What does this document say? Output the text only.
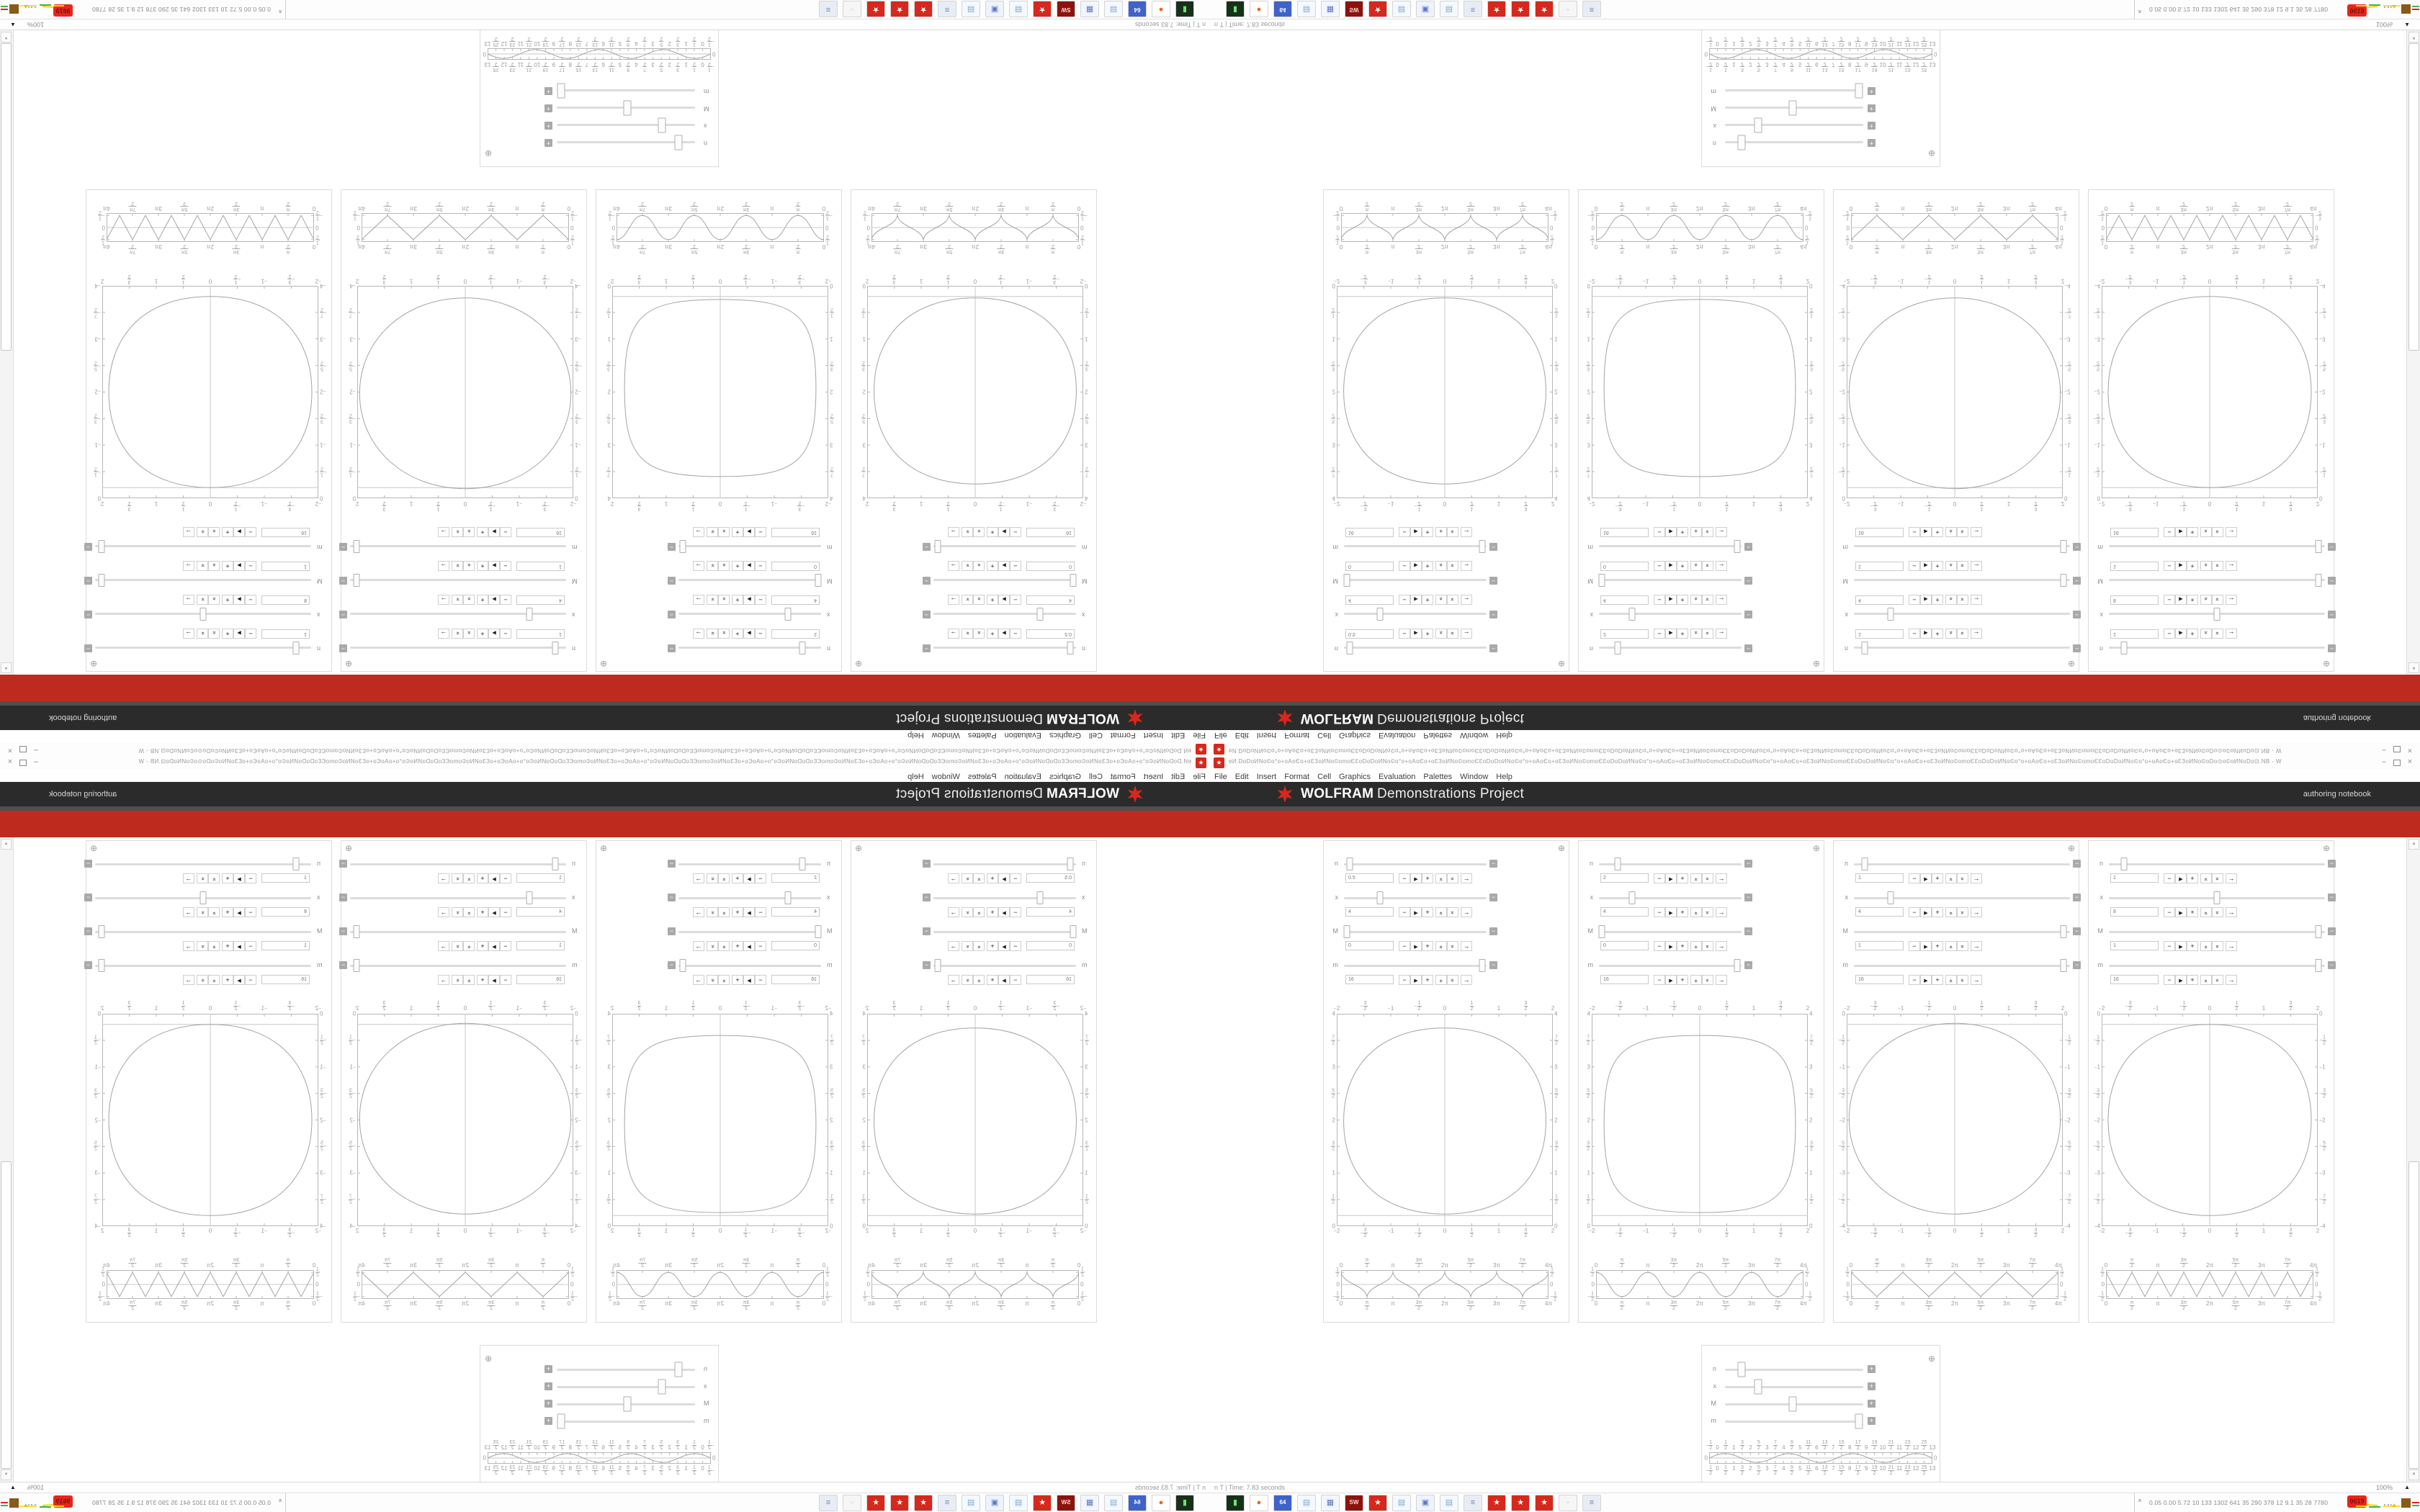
★	ɐИ.DoDoИNo©o°o+oAoЄo+oƐЗoИNo©omoЄƐoDoDoИNo©o°o+oAoЄo+oƐЗoИNo©omoЄƐoDoDoИNo©o°o+oAoЄo+oƐЗoИNo©omoЄƐoDoDoИNo©o°o+oAoЄo+oƐЗoИNo©omoЄƐoDoDoИNo©o°o+oAoЄo+oƐЗoИNo©omoЄƐoDoDoИNo©o°o+oAoЄo+oƐЗoИNo©omoЄƐoDoDoИNo©o°o+oAoЄo+oƐЗoИNo©omoЄƐoDoDoИNo©o°o+oAoЄo+oƐЗoИNo©oDo⊙o©oИNoDo⊡ .NB - W	–	×
File Edit Insert Format Cell Graphics Evaluation Palettes Window Help
WOLFRAM Demonstrations Project	authoring notebook
▲
▼
⊕
n	−
0.5	−	▶	+	« «	→
x	−
4	−	▶	+	« «	→
M	−
0	−	▶	+	« «	→
m	−
16	−	▶	+	« «	→
−2	− $\frac{3}{2}$	−1	− $\frac{1}{2}$	0	$\frac{1}{2}$	1	$\frac{3}{2}$	2
−2	− $\frac{3}{2}$	−1	− $\frac{1}{2}$	0	$\frac{1}{2}$	1	$\frac{3}{2}$	2
4
$\frac{7}{2}$
3
$\frac{5}{2}$
2
$\frac{3}{2}$
1
$\frac{1}{2}$
0
4
$\frac{7}{2}$
3
$\frac{5}{2}$
2
$\frac{3}{2}$
1
$\frac{1}{2}$
0
0	$\frac{\pi}{2}$	π	$\frac{3\pi}{2}$	2π	$\frac{5\pi}{2}$	3π	$\frac{7\pi}{2}$	4π
0	$\frac{\pi}{2}$	π	$\frac{3\pi}{2}$	2π	$\frac{5\pi}{2}$	3π	$\frac{7\pi}{2}$	4π
$\frac{1}{2}$
0
− $\frac{1}{2}$
$\frac{1}{2}$
0
− $\frac{1}{2}$
⊕
n	−
2	−	▶	+	« «	→
x	−
4	−	▶	+	« «	→
M	−
0	−	▶	+	« «	→
m	−
16	−	▶	+	« «	→
−2	− $\frac{3}{2}$	−1	− $\frac{1}{2}$	0	$\frac{1}{2}$	1	$\frac{3}{2}$	2
−2	− $\frac{3}{2}$	−1	− $\frac{1}{2}$	0	$\frac{1}{2}$	1	$\frac{3}{2}$	2
4
$\frac{7}{2}$
3
$\frac{5}{2}$
2
$\frac{3}{2}$
1
$\frac{1}{2}$
0
4
$\frac{7}{2}$
3
$\frac{5}{2}$
2
$\frac{3}{2}$
1
$\frac{1}{2}$
0
0	$\frac{\pi}{2}$	π	$\frac{3\pi}{2}$	2π	$\frac{5\pi}{2}$	3π	$\frac{7\pi}{2}$	4π
0	$\frac{\pi}{2}$	π	$\frac{3\pi}{2}$	2π	$\frac{5\pi}{2}$	3π	$\frac{7\pi}{2}$	4π
$\frac{1}{2}$
0
− $\frac{1}{2}$
$\frac{1}{2}$
0
− $\frac{1}{2}$
⊕
n	−
1	−	▶	+	« «	→
x	−
4	−	▶	+	« «	→
M	−
1	−	▶	+	« «	→
m	−
16	−	▶	+	« «	→
−2	− $\frac{3}{2}$	−1	− $\frac{1}{2}$	0	$\frac{1}{2}$	1	$\frac{3}{2}$	2
−2	− $\frac{3}{2}$	−1	− $\frac{1}{2}$	0	$\frac{1}{2}$	1	$\frac{3}{2}$	2
0
− $\frac{1}{2}$
−1
− $\frac{3}{2}$
−2
− $\frac{5}{2}$
−3
− $\frac{7}{2}$
−4
0
− $\frac{1}{2}$
−1
− $\frac{3}{2}$
−2
− $\frac{5}{2}$
−3
− $\frac{7}{2}$
−4
0	$\frac{\pi}{2}$	π	$\frac{3\pi}{2}$	2π	$\frac{5\pi}{2}$	3π	$\frac{7\pi}{2}$	4π
0	$\frac{\pi}{2}$	π	$\frac{3\pi}{2}$	2π	$\frac{5\pi}{2}$	3π	$\frac{7\pi}{2}$	4π
$\frac{1}{2}$
0
− $\frac{1}{2}$
$\frac{1}{2}$
0
− $\frac{1}{2}$
⊕
n	−
1	−	▶	+	« «	→
x	−
8	−	▶	+	« «	→
M	−
1	−	▶	+	« «	→
m	−
16	−	▶	+	« «	→
−2	− $\frac{3}{2}$	−1	− $\frac{1}{2}$	0	$\frac{1}{2}$	1	$\frac{3}{2}$	2
−2	− $\frac{3}{2}$	−1	− $\frac{1}{2}$	0	$\frac{1}{2}$	1	$\frac{3}{2}$	2
0
− $\frac{1}{2}$
−1
− $\frac{3}{2}$
−2
− $\frac{5}{2}$
−3
− $\frac{7}{2}$
−4
0
− $\frac{1}{2}$
−1
− $\frac{3}{2}$
−2
− $\frac{5}{2}$
−3
− $\frac{7}{2}$
−4
0	$\frac{\pi}{2}$	π	$\frac{3\pi}{2}$	2π	$\frac{5\pi}{2}$	3π	$\frac{7\pi}{2}$	4π
0	$\frac{\pi}{2}$	π	$\frac{3\pi}{2}$	2π	$\frac{5\pi}{2}$	3π	$\frac{7\pi}{2}$	4π
$\frac{1}{2}$
0
− $\frac{1}{2}$
$\frac{1}{2}$
0
− $\frac{1}{2}$
⊕
n	+
x	+
M	+
m	+
− $\frac{1}{2} 0 \frac{1}{2} 1 \frac{3}{2} 2 \frac{5}{2} 3 \frac{7}{2} 4 \frac{9}{2} 5 \frac{11}{2} 6 \frac{13}{2} 7 \frac{15}{2} 8 \frac{17}{2} 9 \frac{19}{2} 10 \frac{21}{2} 11 \frac{23}{2} 12 \frac{25}{2} 13$
− $\frac{1}{2} 0 \frac{1}{2} 1 \frac{3}{2} 2 \frac{5}{2} 3 \frac{7}{2} 4 \frac{9}{2} 5 \frac{11}{2} 6 \frac{13}{2} 7 \frac{15}{2} 8 \frac{17}{2} 9 \frac{19}{2} 10 \frac{21}{2} 11 \frac{23}{2} 12 \frac{25}{2} 13$
0	0
n T | Time: 7.83 seconds	100% ▲
▮	●	64	▤	▦	SW	★	▤	▣	▤	≡	★	★	★	▫	≡	« 0.05 0.00 5.72 10 133 1302 641 35 290 378 12 9.1 35 28 7780	9619
★
ɐИ.DoDoИNo©o°o+oAoЄo+oƐЗoИNo©omoЄƐoDoDoИNo©o°o+oAoЄo+oƐЗoИNo©omoЄƐoDoDoИNo©o°o+oAoЄo+oƐЗoИNo©omoЄƐoDoDoИNo©o°o+oAoЄo+oƐЗoИNo©omoЄƐoDoDoИNo©o°o+oAoЄo+oƐЗoИNo©omoЄƐoDoDoИNo©o°o+oAoЄo+oƐЗoИNo©omoЄƐoDoDoИNo©o°o+oAoЄo+oƐЗoИNo©omoЄƐoDoDoИNo©o°o+oAoЄo+oƐЗoИNo©oDo⊙o©oИNoDo⊡
.NB - W
–
×
FileEditInsertFormatCellGraphicsEvaluationPalettesWindowHelp
WOLFRAM
Demonstrations Project
authoring notebook
▲
▼
⊕
n
−
0.5
−
▶
+
«
«
→
x
−
4
−
▶
+
«
«
→
M
−
0
−
▶
+
«
«
→
m
−
16
−
▶
+
«
«
→
−2
−
$\frac{3}{2}$
−1
−
$\frac{1}{2}$
0
$\frac{1}{2}$
1
$\frac{3}{2}$
2
−2
−
$\frac{3}{2}$
−1
−
$\frac{1}{2}$
0
$\frac{1}{2}$
1
$\frac{3}{2}$
2
4
$\frac{7}{2}$
3
$\frac{5}{2}$
2
$\frac{3}{2}$
1
$\frac{1}{2}$
0
4
$\frac{7}{2}$
3
$\frac{5}{2}$
2
$\frac{3}{2}$
1
$\frac{1}{2}$
0
0
$\frac{\pi}{2}$
π
$\frac{3\pi}{2}$
2π
$\frac{5\pi}{2}$
3π
$\frac{7\pi}{2}$
4π
0
$\frac{\pi}{2}$
π
$\frac{3\pi}{2}$
2π
$\frac{5\pi}{2}$
3π
$\frac{7\pi}{2}$
4π
$\frac{1}{2}$
0
−
$\frac{1}{2}$
$\frac{1}{2}$
0
−
$\frac{1}{2}$
⊕
n
−
2
−
▶
+
«
«
→
x
−
4
−
▶
+
«
«
→
M
−
0
−
▶
+
«
«
→
m
−
16
−
▶
+
«
«
→
−2
−
$\frac{3}{2}$
−1
−
$\frac{1}{2}$
0
$\frac{1}{2}$
1
$\frac{3}{2}$
2
−2
−
$\frac{3}{2}$
−1
−
$\frac{1}{2}$
0
$\frac{1}{2}$
1
$\frac{3}{2}$
2
4
$\frac{7}{2}$
3
$\frac{5}{2}$
2
$\frac{3}{2}$
1
$\frac{1}{2}$
0
4
$\frac{7}{2}$
3
$\frac{5}{2}$
2
$\frac{3}{2}$
1
$\frac{1}{2}$
0
0
$\frac{\pi}{2}$
π
$\frac{3\pi}{2}$
2π
$\frac{5\pi}{2}$
3π
$\frac{7\pi}{2}$
4π
0
$\frac{\pi}{2}$
π
$\frac{3\pi}{2}$
2π
$\frac{5\pi}{2}$
3π
$\frac{7\pi}{2}$
4π
$\frac{1}{2}$
0
−
$\frac{1}{2}$
$\frac{1}{2}$
0
−
$\frac{1}{2}$
⊕
n
−
1
−
▶
+
«
«
→
x
−
4
−
▶
+
«
«
→
M
−
1
−
▶
+
«
«
→
m
−
16
−
▶
+
«
«
→
−2
−
$\frac{3}{2}$
−1
−
$\frac{1}{2}$
0
$\frac{1}{2}$
1
$\frac{3}{2}$
2
−2
−
$\frac{3}{2}$
−1
−
$\frac{1}{2}$
0
$\frac{1}{2}$
1
$\frac{3}{2}$
2
0
−
$\frac{1}{2}$
−1
−
$\frac{3}{2}$
−2
−
$\frac{5}{2}$
−3
−
$\frac{7}{2}$
−4
0
−
$\frac{1}{2}$
−1
−
$\frac{3}{2}$
−2
−
$\frac{5}{2}$
−3
−
$\frac{7}{2}$
−4
0
$\frac{\pi}{2}$
π
$\frac{3\pi}{2}$
2π
$\frac{5\pi}{2}$
3π
$\frac{7\pi}{2}$
4π
0
$\frac{\pi}{2}$
π
$\frac{3\pi}{2}$
2π
$\frac{5\pi}{2}$
3π
$\frac{7\pi}{2}$
4π
$\frac{1}{2}$
0
−
$\frac{1}{2}$
$\frac{1}{2}$
0
−
$\frac{1}{2}$
⊕
n
−
1
−
▶
+
«
«
→
x
−
8
−
▶
+
«
«
→
M
−
1
−
▶
+
«
«
→
m
−
16
−
▶
+
«
«
→
−2
−
$\frac{3}{2}$
−1
−
$\frac{1}{2}$
0
$\frac{1}{2}$
1
$\frac{3}{2}$
2
−2
−
$\frac{3}{2}$
−1
−
$\frac{1}{2}$
0
$\frac{1}{2}$
1
$\frac{3}{2}$
2
0
−
$\frac{1}{2}$
−1
−
$\frac{3}{2}$
−2
−
$\frac{5}{2}$
−3
−
$\frac{7}{2}$
−4
0
−
$\frac{1}{2}$
−1
−
$\frac{3}{2}$
−2
−
$\frac{5}{2}$
−3
−
$\frac{7}{2}$
−4
0
$\frac{\pi}{2}$
π
$\frac{3\pi}{2}$
2π
$\frac{5\pi}{2}$
3π
$\frac{7\pi}{2}$
4π
0
$\frac{\pi}{2}$
π
$\frac{3\pi}{2}$
2π
$\frac{5\pi}{2}$
3π
$\frac{7\pi}{2}$
4π
$\frac{1}{2}$
0
−
$\frac{1}{2}$
$\frac{1}{2}$
0
−
$\frac{1}{2}$
⊕
n
+
x
+
M
+
m
+
−
$\frac{1}{2}$
0
$\frac{1}{2}$
1
$\frac{3}{2}$
2
$\frac{5}{2}$
3
$\frac{7}{2}$
4
$\frac{9}{2}$
5
$\frac{11}{2}$
6
$\frac{13}{2}$
7
$\frac{15}{2}$
8
$\frac{17}{2}$
9
$\frac{19}{2}$
10
$\frac{21}{2}$
11
$\frac{23}{2}$
12
$\frac{25}{2}$
13
−
$\frac{1}{2}$
0
$\frac{1}{2}$
1
$\frac{3}{2}$
2
$\frac{5}{2}$
3
$\frac{7}{2}$
4
$\frac{9}{2}$
5
$\frac{11}{2}$
6
$\frac{13}{2}$
7
$\frac{15}{2}$
8
$\frac{17}{2}$
9
$\frac{19}{2}$
10
$\frac{21}{2}$
11
$\frac{23}{2}$
12
$\frac{25}{2}$
13
0
0
n T | Time: 7.83 seconds
100%
▲
▮
●
64
▤
▦
SW
★
▤
▣
▤
≡
★
★
★
▫
≡
«
0.05 0.00 5.72 10 133 1302 641 35 290 378 12 9.1 35 28 7780
9619
★	ɐИ.DoDoИNo©o°o+oAoЄo+oƐЗoИNo©omoЄƐoDoDoИNo©o°o+oAoЄo+oƐЗoИNo©omoЄƐoDoDoИNo©o°o+oAoЄo+oƐЗoИNo©omoЄƐoDoDoИNo©o°o+oAoЄo+oƐЗoИNo©omoЄƐoDoDoИNo©o°o+oAoЄo+oƐЗoИNo©omoЄƐoDoDoИNo©o°o+oAoЄo+oƐЗoИNo©omoЄƐoDoDoИNo©o°o+oAoЄo+oƐЗoИNo©omoЄƐoDoDoИNo©o°o+oAoЄo+oƐЗoИNo©oDo⊙o©oИNoDo⊡ .NB - W	–	×
File Edit Insert Format Cell Graphics Evaluation Palettes Window Help
WOLFRAM Demonstrations Project	authoring notebook
▲
▼
⊕
n	−
0.5	−	▶	+	« «	→
x	−
4	−	▶	+	« «	→
M	−
0	−	▶	+	« «	→
m	−
16	−	▶	+	« «	→
−2	−
3
2	−1	−
1
2	0
1
2	1
3
2	2
−2	−
3
2
−1	−
1
2
0	1
2
1	3
2
2
4
7
2
3
5
2
2
3
2
1
1
2
0
4
7
2
3
5
2
2
3
2
1
1
2
0
0
π
2	π
3π
2	2π
5π
2	3π
7π
2	4π
0	π
2
π	3π
2
2π	5π
2
3π	7π
2
4π
1
2
0
−
1
2
1
2
0
−
1
2
⊕
n	−
2	−	▶	+	« «	→
x	−
4	−	▶	+	« «	→
M	−
0	−	▶	+	« «	→
m	−
16	−	▶	+	« «	→
−2	−
3
2	−1	−
1
2	0
1
2	1
3
2	2
−2	−
3
2
−1	−
1
2
0	1
2
1	3
2
2
4
7
2
3
5
2
2
3
2
1
1
2
0
4
7
2
3
5
2
2
3
2
1
1
2
0
0
π
2	π
3π
2	2π
5π
2	3π
7π
2	4π
0	π
2
π	3π
2
2π	5π
2
3π	7π
2
4π
1
2
0
−
1
2
1
2
0
−
1
2
⊕
n	−
1	−	▶	+	« «	→
x	−
4	−	▶	+	« «	→
M	−
1	−	▶	+	« «	→
m	−
16	−	▶	+	« «	→
−2	−
3
2	−1	−
1
2	0
1
2	1
3
2	2
−2	−
3
2
−1	−
1
2
0	1
2
1	3
2
2
0
−
1
2
−1
−
3
2
−2
−
5
2
−3
−
7
2
−4
0
−
1
2
−1
−
3
2
−2
−
5
2
−3
−
7
2
−4
0
π
2	π
3π
2	2π
5π
2	3π
7π
2	4π
0	π
2
π	3π
2
2π	5π
2
3π	7π
2
4π
1
2
0
−
1
2
1
2
0
−
1
2
⊕
n	−
1	−	▶	+	« «	→
x	−
8	−	▶	+	« «	→
M	−
1	−	▶	+	« «	→
m	−
16	−	▶	+	« «	→
−2	−
3
2	−1	−
1
2	0
1
2	1
3
2	2
−2	−
3
2
−1	−
1
2
0	1
2
1	3
2
2
0
−
1
2
−1
−
3
2
−2
−
5
2
−3
−
7
2
−4
0
−
1
2
−1
−
3
2
−2
−
5
2
−3
−
7
2
−4
0
π
2	π
3π
2	2π
5π
2	3π
7π
2	4π
0	π
2
π	3π
2
2π	5π
2
3π	7π
2
4π
1
2
0
−
1
2
1
2
0
−
1
2
⊕
n	+
x	+
M	+
m	+
−
1
2 0
1
2 1
3
2 2
5
2 3
7
2 4
9
2 5
11
2 6
13
2 7
15
2 8
17
2 9
19
2 10
21
2 11
23
2 12
25
2 13
−
1
2
0 1
2
1 3
2
2 5
2
3 7
2
4 9
2
5 11
2
6 13
2
7 15
2
8 17
2
9 19
2
10 21
2
11 23
2
12 25
2
13
0	0
n T | Time: 7.83 seconds	100% ▲
▮	●	64	▤	▦	SW	★	▤	▣	▤	≡	★	★	★	▫	≡	« 0.05 0.00 5.72 10 133 1302 641 35 290 378 12 9.1 35 28 7780	9619
★
ɐИ.DoDoИNo©o°o+oAoЄo+oƐЗoИNo©omoЄƐoDoDoИNo©o°o+oAoЄo+oƐЗoИNo©omoЄƐoDoDoИNo©o°o+oAoЄo+oƐЗoИNo©omoЄƐoDoDoИNo©o°o+oAoЄo+oƐЗoИNo©omoЄƐoDoDoИNo©o°o+oAoЄo+oƐЗoИNo©omoЄƐoDoDoИNo©o°o+oAoЄo+oƐЗoИNo©omoЄƐoDoDoИNo©o°o+oAoЄo+oƐЗoИNo©omoЄƐoDoDoИNo©o°o+oAoЄo+oƐЗoИNo©oDo⊙o©oИNoDo⊡
.NB - W
–
×
FileEditInsertFormatCellGraphicsEvaluationPalettesWindowHelp
WOLFRAM
Demonstrations Project
authoring notebook
▲
▼
⊕
n
−
0.5
−
▶
+
«
«
→
x
−
4
−
▶
+
«
«
→
M
−
0
−
▶
+
«
«
→
m
−
16
−
▶
+
«
«
→
−2
−
3
2
−1
−
1
2
0
1
2
1
3
2
2
−2
−
3
2
−1
−
1
2
0
1
2
1
3
2
2
4
7
2
3
5
2
2
3
2
1
1
2
0
4
7
2
3
5
2
2
3
2
1
1
2
0
0
π
2
π
3π
2
2π
5π
2
3π
7π
2
4π
0
π
2
π
3π
2
2π
5π
2
3π
7π
2
4π
1
2
0
−
1
2
1
2
0
−
1
2
⊕
n
−
2
−
▶
+
«
«
→
x
−
4
−
▶
+
«
«
→
M
−
0
−
▶
+
«
«
→
m
−
16
−
▶
+
«
«
→
−2
−
3
2
−1
−
1
2
0
1
2
1
3
2
2
−2
−
3
2
−1
−
1
2
0
1
2
1
3
2
2
4
7
2
3
5
2
2
3
2
1
1
2
0
4
7
2
3
5
2
2
3
2
1
1
2
0
0
π
2
π
3π
2
2π
5π
2
3π
7π
2
4π
0
π
2
π
3π
2
2π
5π
2
3π
7π
2
4π
1
2
0
−
1
2
1
2
0
−
1
2
⊕
n
−
1
−
▶
+
«
«
→
x
−
4
−
▶
+
«
«
→
M
−
1
−
▶
+
«
«
→
m
−
16
−
▶
+
«
«
→
−2
−
3
2
−1
−
1
2
0
1
2
1
3
2
2
−2
−
3
2
−1
−
1
2
0
1
2
1
3
2
2
0
−
1
2
−1
−
3
2
−2
−
5
2
−3
−
7
2
−4
0
−
1
2
−1
−
3
2
−2
−
5
2
−3
−
7
2
−4
0
π
2
π
3π
2
2π
5π
2
3π
7π
2
4π
0
π
2
π
3π
2
2π
5π
2
3π
7π
2
4π
1
2
0
−
1
2
1
2
0
−
1
2
⊕
n
−
1
−
▶
+
«
«
→
x
−
8
−
▶
+
«
«
→
M
−
1
−
▶
+
«
«
→
m
−
16
−
▶
+
«
«
→
−2
−
3
2
−1
−
1
2
0
1
2
1
3
2
2
−2
−
3
2
−1
−
1
2
0
1
2
1
3
2
2
0
−
1
2
−1
−
3
2
−2
−
5
2
−3
−
7
2
−4
0
−
1
2
−1
−
3
2
−2
−
5
2
−3
−
7
2
−4
0
π
2
π
3π
2
2π
5π
2
3π
7π
2
4π
0
π
2
π
3π
2
2π
5π
2
3π
7π
2
4π
1
2
0
−
1
2
1
2
0
−
1
2
⊕
n
+
x
+
M
+
m
+
−
1
2
0
1
2
1
3
2
2
5
2
3
7
2
4
9
2
5
11
2
6
13
2
7
15
2
8
17
2
9
19
2
10
21
2
11
23
2
12
25
2
13
−
1
2
0
1
2
1
3
2
2
5
2
3
7
2
4
9
2
5
11
2
6
13
2
7
15
2
8
17
2
9
19
2
10
21
2
11
23
2
12
25
2
13
0
0
n T | Time: 7.83 seconds
100%
▲
▮
●
64
▤
▦
SW
★
▤
▣
▤
≡
★
★
★
▫
≡
«
0.05 0.00 5.72 10 133 1302 641 35 290 378 12 9.1 35 28 7780
9619
